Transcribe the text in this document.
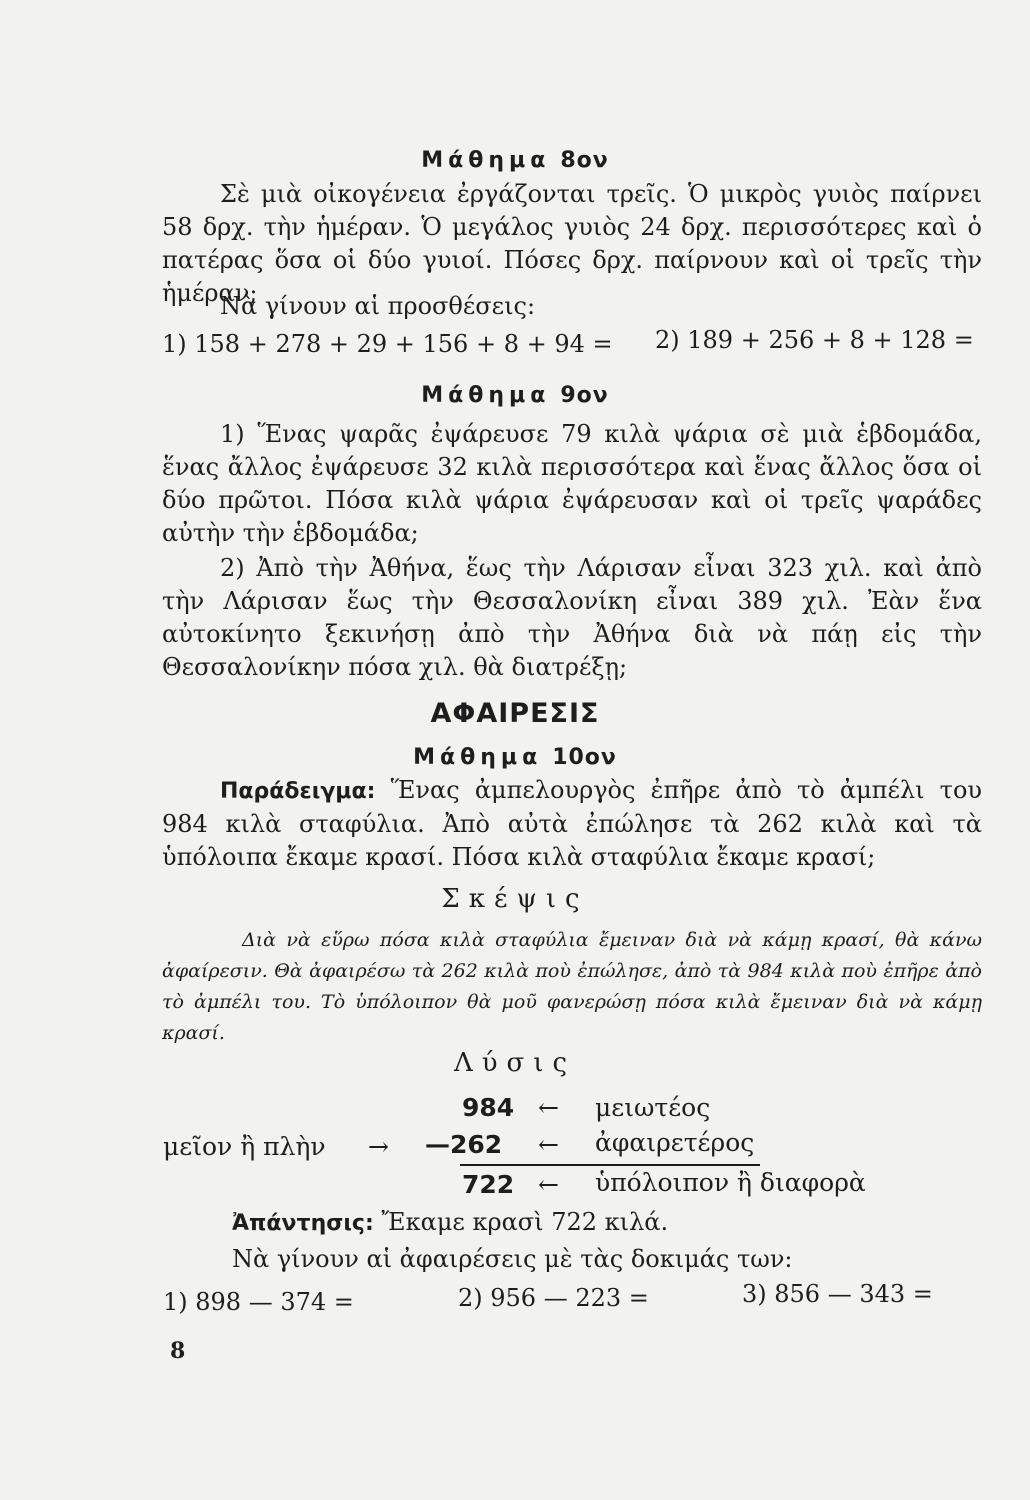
Μάθημα 8ον

Σὲ μιὰ οἰκογένεια ἐργάζονται τρεῖς. Ὁ μικρὸς γυιὸς παίρνει 58 δρχ. τὴν ἡμέραν. Ὁ μεγάλος γυιὸς 24 δρχ. περισσότερες καὶ ὁ πατέρας ὅσα οἱ δύο γυιοί. Πόσες δρχ. παίρνουν καὶ οἱ τρεῖς τὴν ἡμέραν;

Νὰ γίνουν αἱ προσθέσεις:
1) 158 + 278 + 29 + 156 + 8 + 94 = 2) 189 + 256 + 8 + 128 =
Μάθημα 9ον

1) Ἕνας ψαρᾶς ἐψάρευσε 79 κιλὰ ψάρια σὲ μιὰ ἑβδομάδα, ἕνας ἄλλος ἐψάρευσε 32 κιλὰ περισσότερα καὶ ἕνας ἄλλος ὅσα οἱ δύο πρῶτοι. Πόσα κιλὰ ψάρια ἐψάρευσαν καὶ οἱ τρεῖς ψαράδες αὐτὴν τὴν ἑβδομάδα;

2) Ἀπὸ τὴν Ἀθήνα, ἕως τὴν Λάρισαν εἶναι 323 χιλ. καὶ ἀπὸ τὴν Λάρισαν ἕως τὴν Θεσσαλονίκη εἶναι 389 χιλ. Ἐὰν ἕνα αὐτοκίνητο ξεκινήσῃ ἀπὸ τὴν Ἀθήνα διὰ νὰ πάῃ εἰς τὴν Θεσσαλονίκην πόσα χιλ. θὰ διατρέξῃ;

ΑΦΑΙΡΕΣΙΣ
Μάθημα 10ον

Παράδειγμα: Ἕνας ἀμπελουργὸς ἐπῆρε ἀπὸ τὸ ἀμπέλι του 984 κιλὰ σταφύλια. Ἀπὸ αὐτὰ ἐπώλησε τὰ 262 κιλὰ καὶ τὰ ὑπόλοιπα ἔκαμε κρασί. Πόσα κιλὰ σταφύλια ἔκαμε κρασί;

Σκέψις

Διὰ νὰ εὕρω πόσα κιλὰ σταφύλια ἔμειναν διὰ νὰ κάμῃ κρασί, θὰ κάνω ἀφαίρεσιν. Θὰ ἀφαιρέσω τὰ 262 κιλὰ ποὺ ἐπώλησε, ἀπὸ τὰ 984 κιλὰ ποὺ ἐπῆρε ἀπὸ τὸ ἀμπέλι του. Τὸ ὑπόλοιπον θὰ μοῦ φανερώσῃ πόσα κιλὰ ἔμειναν διὰ νὰ κάμῃ κρασί.

Λύσις
984 ← μειωτέος
μεῖον ἢ πλὴν → —262 ← ἀφαιρετέρος
722 ← ὑπόλοιπον ἢ διαφορὰ
Ἀπάντησις: Ἔκαμε κρασὶ 722 κιλά.
Νὰ γίνουν αἱ ἀφαιρέσεις μὲ τὰς δοκιμάς των:
1) 898 — 374 =	2) 956 — 223 =	3) 856 — 343 =
8
